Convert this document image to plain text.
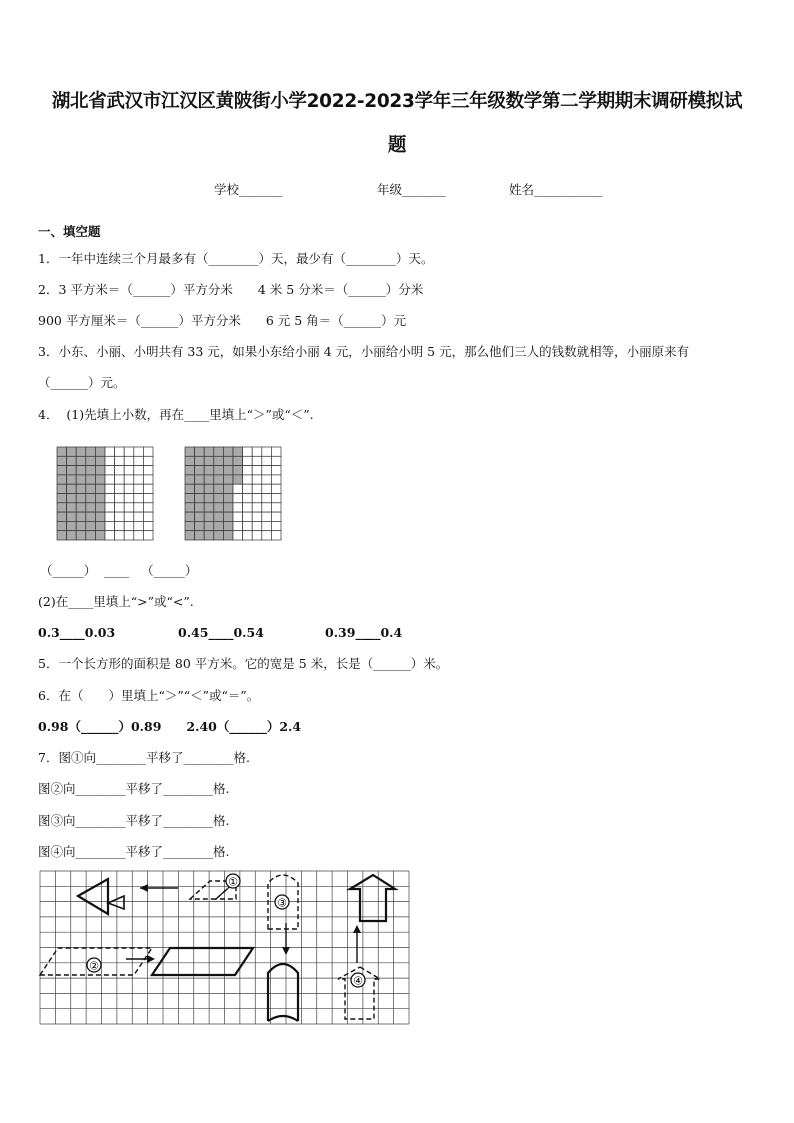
湖北省武汉市江汉区黄陂街小学2022-2023学年三年级数学第二学期期末调研模拟试
题
学校_______	年级_______	姓名___________
一、填空题
1．一年中连续三个月最多有（________）天，最少有（________）天。
2．3 平方米＝（______）平方分米　　4 米 5 分米＝（______）分米
900 平方厘米＝（______）平方分米　　6 元 5 角＝（______）元
3．小东、小丽、小明共有 33 元，如果小东给小丽 4 元，小丽给小明 5 元，那么他们三人的钱数就相等，小丽原来有
（______）元。
4．  (1)先填上小数，再在____里填上“＞”或“＜”.
（_____）  ____   （_____）
(2)在____里填上“>”或“<”.
0.3____0.03	0.45____0.54	0.39____0.4
5．一个长方形的面积是 80 平方米。它的宽是 5 米，长是（______）米。
6．在（　　）里填上“＞”“＜”或“＝”。
0.98（______）0.89　　2.40（______）2.4
7．图①向________平移了________格.
图②向________平移了________格.
图③向________平移了________格.
图④向________平移了________格.
①
②
③
④
